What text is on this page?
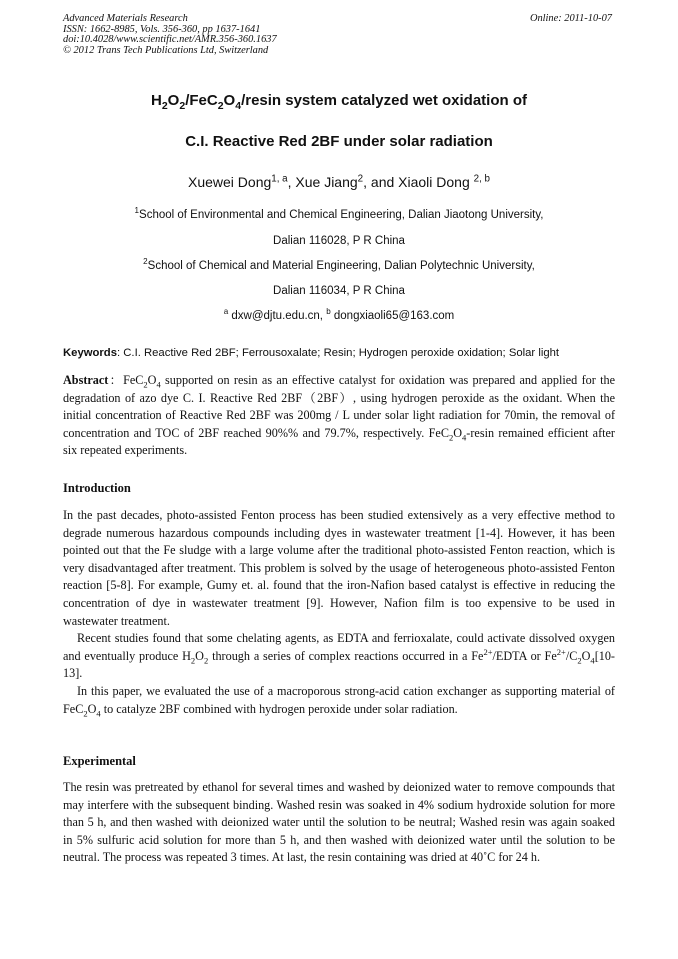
Advanced Materials Research
ISSN: 1662-8985, Vols. 356-360, pp 1637-1641
doi:10.4028/www.scientific.net/AMR.356-360.1637
© 2012 Trans Tech Publications Ltd, Switzerland
Online: 2011-10-07
$H_2O_2/FeC_2O_4$/resin system catalyzed wet oxidation of
C.I. Reactive Red 2BF under solar radiation
Xuewei Dong$^{1, a}$, Xue Jiang$^2$, and Xiaoli Dong $^{2, b}$
$^1$School of Environmental and Chemical Engineering, Dalian Jiaotong University,
Dalian 116028, P R China
$^2$School of Chemical and Material Engineering, Dalian Polytechnic University,
Dalian 116034, P R China
$^a$ dxw@djtu.edu.cn, $^b$ dongxiaoli65@163.com
Keywords: C.I. Reactive Red 2BF; Ferrousoxalate; Resin; Hydrogen peroxide oxidation; Solar light
Abstract：$FeC_2O_4$ supported on resin as an effective catalyst for oxidation was prepared and applied for the degradation of azo dye C. I. Reactive Red 2BF（2BF）, using hydrogen peroxide as the oxidant. When the initial concentration of Reactive Red 2BF was 200mg / L under solar light radiation for 70min, the removal of concentration and TOC of 2BF reached 90%% and 79.7%, respectively. $FeC_2O_4$-resin remained efficient after six repeated experiments.
Introduction

In the past decades, photo-assisted Fenton process has been studied extensively as a very effective method to degrade numerous hazardous compounds including dyes in wastewater treatment [1-4]. However, it has been pointed out that the Fe sludge with a large volume after the traditional photo-assisted Fenton reaction, which is very disadvantaged after treatment. This problem is solved by the usage of heterogeneous photo-assisted Fenton reaction [5-8]. For example, Gumy et. al. found that the iron-Nafion based catalyst is effective in reducing the concentration of dye in wastewater treatment [9]. However, Nafion film is too expensive to be used in wastewater treatment.

Recent studies found that some chelating agents, as EDTA and ferrioxalate, could activate dissolved oxygen and eventually produce $H_2O_2$ through a series of complex reactions occurred in a $Fe^{2+}$/EDTA or $Fe^{2+}/C_2O_4[10-13]$.

In this paper, we evaluated the use of a macroporous strong-acid cation exchanger as supporting material of $FeC_2O_4$ to catalyze 2BF combined with hydrogen peroxide under solar radiation.

Experimental

The resin was pretreated by ethanol for several times and washed by deionized water to remove compounds that may interfere with the subsequent binding. Washed resin was soaked in 4% sodium hydroxide solution for more than 5 h, and then washed with deionized water until the solution to be neutral; Washed resin was again soaked in 5% sulfuric acid solution for more than 5 h, and then washed with deionized water until the solution to be neutral. The process was repeated 3 times. At last, the resin containing was dried at 40˚C for 24 h.
